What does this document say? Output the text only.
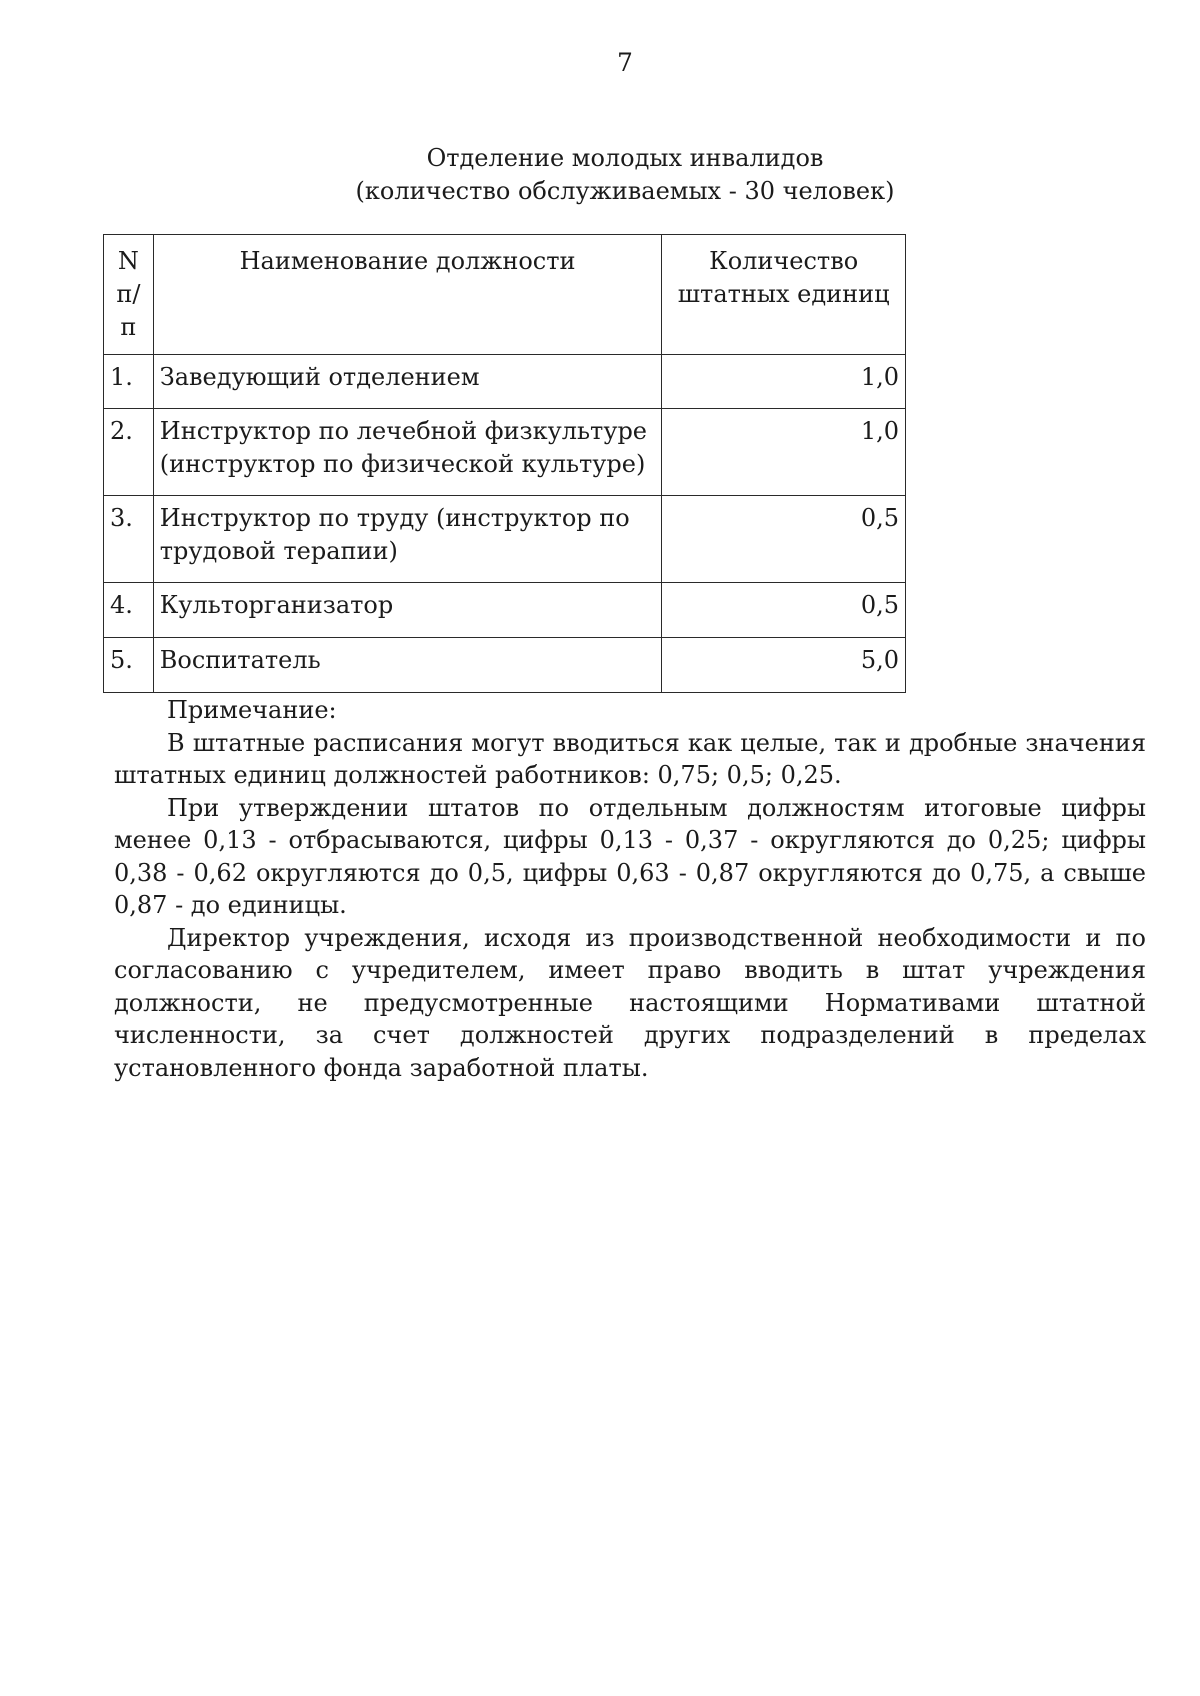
7
Отделение молодых инвалидов
(количество обслуживаемых - 30 человек)
N п/п	Наименование должности	Количество штатных единиц
1.	Заведующий отделением	1,0
2.	Инструктор по лечебной физкультуре (инструктор по физической культуре)	1,0
3.	Инструктор по труду (инструктор по трудовой терапии)	0,5
4.	Культорганизатор	0,5
5.	Воспитатель	5,0
Примечание:

В штатные расписания могут вводиться как целые, так и дробные значения штатных единиц должностей работников: 0,75; 0,5; 0,25.

При утверждении штатов по отдельным должностям итоговые цифры менее 0,13 - отбрасываются, цифры 0,13 - 0,37 - округляются до 0,25; цифры 0,38 - 0,62 округляются до 0,5, цифры 0,63 - 0,87 округляются до 0,75, а свыше 0,87 - до единицы.

Директор учреждения, исходя из производственной необходимости и по согласованию с учредителем, имеет право вводить в штат учреждения должности, не предусмотренные настоящими Нормативами штатной численности, за счет должностей других подразделений в пределах установленного фонда заработной платы.
